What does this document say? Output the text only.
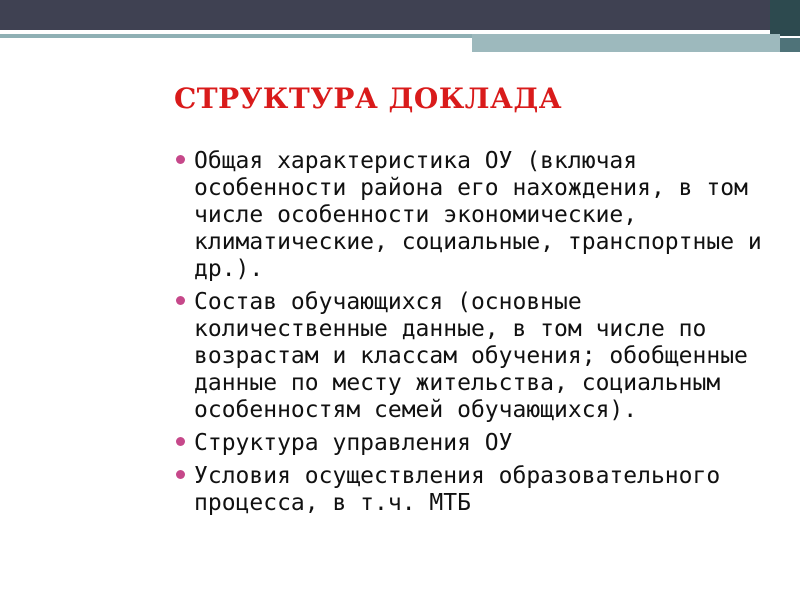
СТРУКТУРА ДОКЛАДА
Общая характеристика ОУ (включая особенности района его нахождения, в том числе особенности экономические, климатические, социальные, транспортные и др.).
Состав обучающихся (основные количественные данные, в том числе по возрастам и классам обучения; обобщенные данные по месту жительства, социальным особенностям семей обучающихся).
Структура управления ОУ
Условия осуществления образовательного процесса, в т.ч. МТБ
